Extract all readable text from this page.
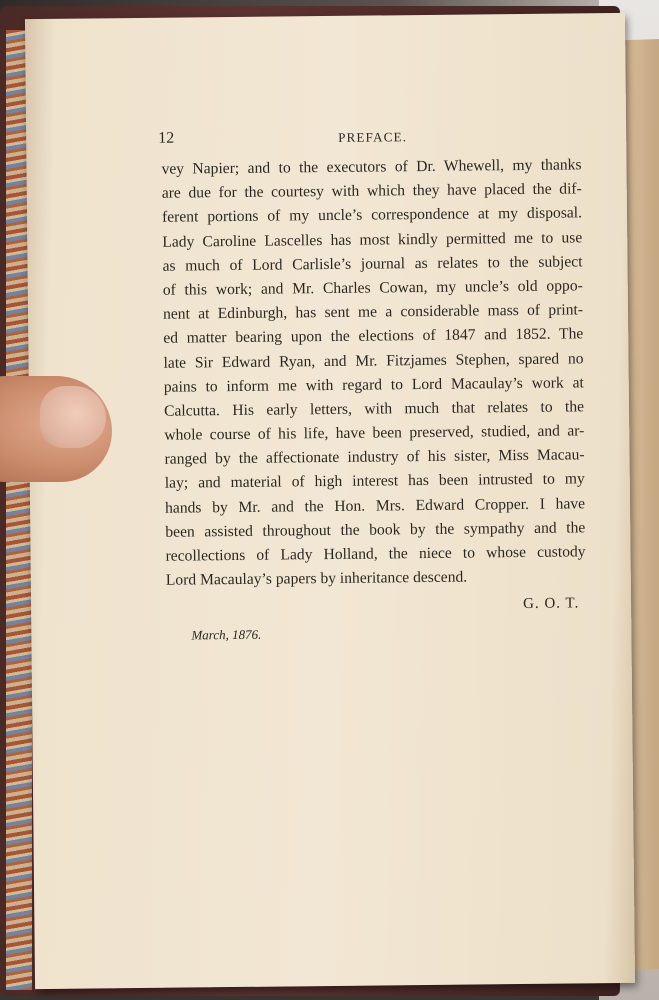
12	PREFACE.
vey Napier; and to the executors of Dr. Whewell, my thanks
are due for the courtesy with which they have placed the dif-
ferent portions of my uncle’s correspondence at my disposal.
Lady Caroline Lascelles has most kindly permitted me to use
as much of Lord Carlisle’s journal as relates to the subject
of this work; and Mr. Charles Cowan, my uncle’s old oppo-
nent at Edinburgh, has sent me a considerable mass of print-
ed matter bearing upon the elections of 1847 and 1852. The
late Sir Edward Ryan, and Mr. Fitzjames Stephen, spared no
pains to inform me with regard to Lord Macaulay’s work at
Calcutta. His early letters, with much that relates to the
whole course of his life, have been preserved, studied, and ar-
ranged by the affectionate industry of his sister, Miss Macau-
lay; and material of high interest has been intrusted to my
hands by Mr. and the Hon. Mrs. Edward Cropper. I have
been assisted throughout the book by the sympathy and the
recollections of Lady Holland, the niece to whose custody
Lord Macaulay’s papers by inheritance descend.
G. O. T.
March, 1876.
